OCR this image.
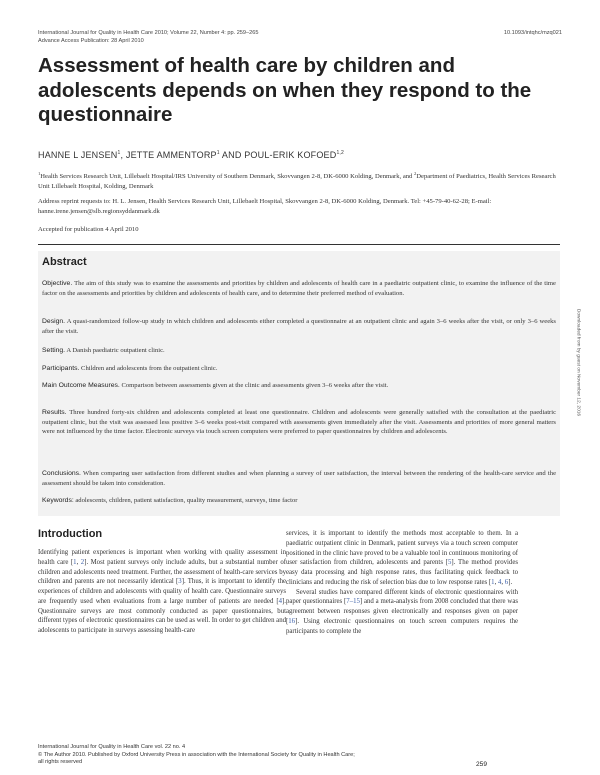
International Journal for Quality in Health Care 2010; Volume 22, Number 4: pp. 259–265
Advance Access Publication: 28 April 2010
10.1093/intqhc/mzq021
Assessment of health care by children and adolescents depends on when they respond to the questionnaire
HANNE L JENSEN$^1$, JETTE AMMENTORP$^1$ AND POUL-ERIK KOFOED$^{1,2}$
$^1$Health Services Research Unit, Lillebaelt Hospital/IRS University of Southern Denmark, Skovvangen 2-8, DK-6000 Kolding, Denmark, and $^2$Department of Paediatrics, Health Services Research Unit Lillebaelt Hospital, Kolding, Denmark
Address reprint requests to: H. L. Jensen, Health Services Research Unit, Lillebaelt Hospital, Skovvangen 2-8, DK-6000 Kolding, Denmark. Tel: +45-79-40-62-28; E-mail: hanne.irene.jensen@slb.regionsyddanmark.dk
Accepted for publication 4 April 2010
Abstract
Objective. The aim of this study was to examine the assessments and priorities by children and adolescents of health care in a paediatric outpatient clinic, to examine the influence of the time factor on the assessments and priorities by children and adolescents of health care, and to determine their preferred method of evaluation.
Design. A quasi-randomized follow-up study in which children and adolescents either completed a questionnaire at an outpatient clinic and again 3–6 weeks after the visit, or only 3–6 weeks after the visit.
Setting. A Danish paediatric outpatient clinic.
Participants. Children and adolescents from the outpatient clinic.
Main Outcome Measures. Comparison between assessments given at the clinic and assessments given 3–6 weeks after the visit.
Results. Three hundred forty-six children and adolescents completed at least one questionnaire. Children and adolescents were generally satisfied with the consultation at the paediatric outpatient clinic, but the visit was assessed less positive 3–6 weeks post-visit compared with assessments given immediately after the visit. Assessments and priorities of more general matters were not influenced by the time factor. Electronic surveys via touch screen computers were preferred to paper questionnaires by children and adolescents.
Conclusions. When comparing user satisfaction from different studies and when planning a survey of user satisfaction, the interval between the rendering of the health-care service and the assessment should be taken into consideration.
Keywords: adolescents, children, patient satisfaction, quality measurement, surveys, time factor
Introduction

Identifying patient experiences is important when working with quality assessment in health care [1, 2]. Most patient surveys only include adults, but a substantial number of children and adolescents need treatment. Further, the assessment of health-care services by children and parents are not necessarily identical [3]. Thus, it is important to identify the experiences of children and adolescents with quality of health care. Questionnaire surveys are frequently used when evaluations from a large number of patients are needed [4]. Questionnaire surveys are most commonly conducted as paper questionnaires, but different types of electronic questionnaires can be used as well. In order to get children and adolescents to participate in surveys assessing health-care

services, it is important to identify the methods most acceptable to them. In a paediatric outpatient clinic in Denmark, patient surveys via a touch screen computer positioned in the clinic have proved to be a valuable tool in continuous monitoring of user satisfaction from children, adolescents and parents [5]. The method provides easy data processing and high response rates, thus facilitating quick feedback to clinicians and reducing the risk of selection bias due to low response rates [1, 4, 6].

Several studies have compared different kinds of electronic questionnaires with paper questionnaires [7–15] and a meta-analysis from 2008 concluded that there was agreement between responses given electronically and responses given on paper [16]. Using electronic questionnaires on touch screen computers requires the participants to complete the

International Journal for Quality in Health Care vol. 22 no. 4
© The Author 2010. Published by Oxford University Press in association with the International Society for Quality in Health Care;
all rights reserved	259
Downloaded from by guest on November 12, 2016
